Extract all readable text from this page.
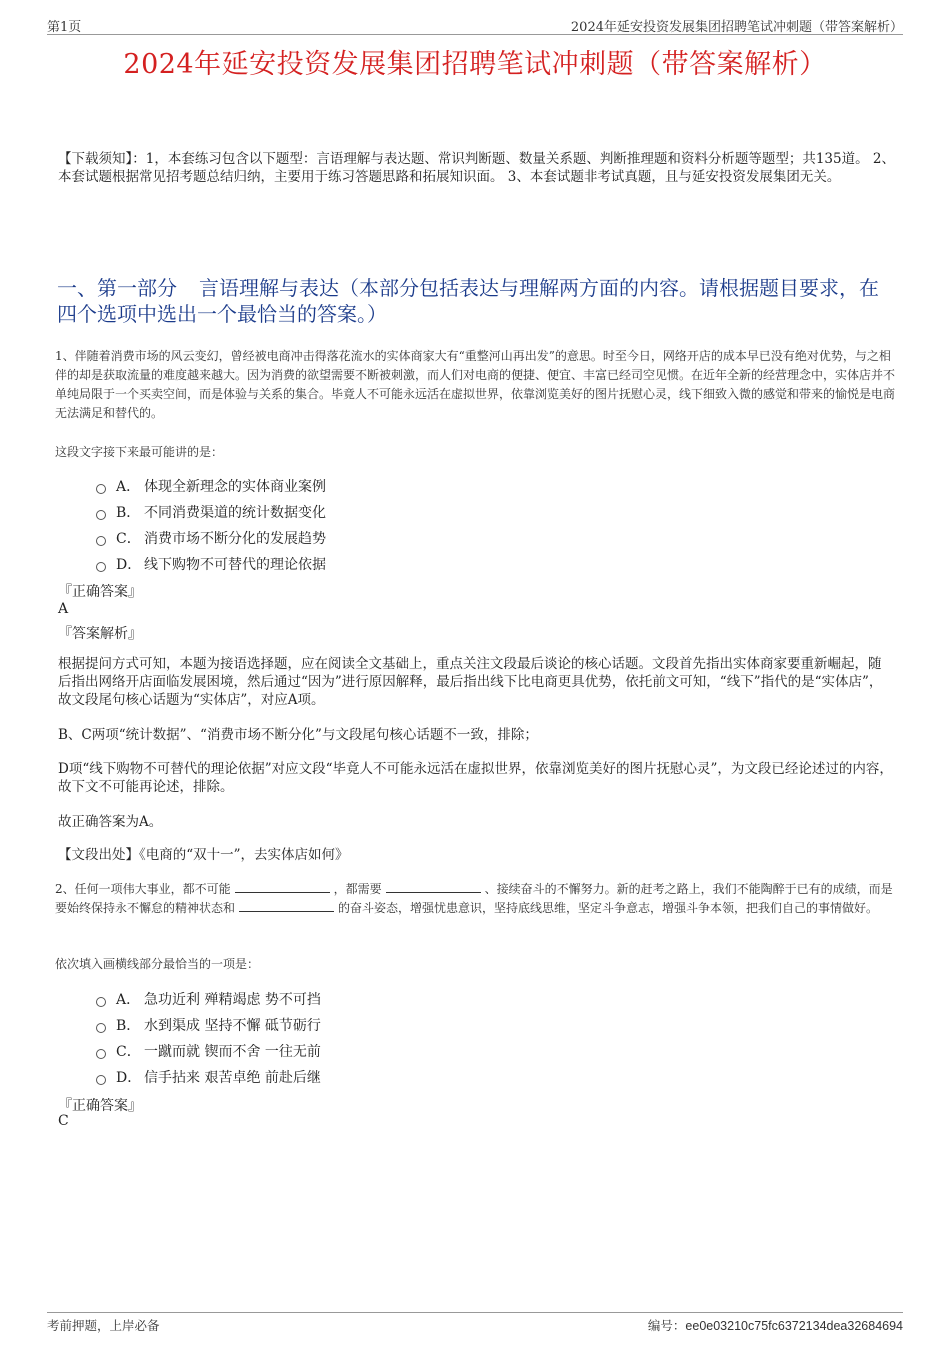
第1页	2024年延安投资发展集团招聘笔试冲刺题（带答案解析）
2024年延安投资发展集团招聘笔试冲刺题（带答案解析）
【下载须知】：1，本套练习包含以下题型：言语理解与表达题、常识判断题、数量关系题、判断推理题和资料分析题等题型；共135道。 2、本套试题根据常见招考题总结归纳，主要用于练习答题思路和拓展知识面。 3、本套试题非考试真题，且与延安投资发展集团无关。
一、第一部分 言语理解与表达（本部分包括表达与理解两方面的内容。请根据题目要求，在四个选项中选出一个最恰当的答案。）
1、伴随着消费市场的风云变幻，曾经被电商冲击得落花流水的实体商家大有“重整河山再出发”的意思。时至今日，网络开店的成本早已没有绝对优势，与之相伴的却是获取流量的难度越来越大。因为消费的欲望需要不断被刺激，而人们对电商的便捷、便宜、丰富已经司空见惯。在近年全新的经营理念中，实体店并不单纯局限于一个买卖空间，而是体验与关系的集合。毕竟人不可能永远活在虚拟世界，依靠浏览美好的图片抚慰心灵，线下细致入微的感觉和带来的愉悦是电商无法满足和替代的。
这段文字接下来最可能讲的是：
A． 体现全新理念的实体商业案例
B． 不同消费渠道的统计数据变化
C． 消费市场不断分化的发展趋势
D． 线下购物不可替代的理论依据
『正确答案』
A
『答案解析』
根据提问方式可知，本题为接语选择题，应在阅读全文基础上，重点关注文段最后谈论的核心话题。文段首先指出实体商家要重新崛起，随后指出网络开店面临发展困境，然后通过“因为”进行原因解释，最后指出线下比电商更具优势，依托前文可知，“线下”指代的是“实体店”，故文段尾句核心话题为“实体店”，对应A项。
B、C两项“统计数据”、“消费市场不断分化”与文段尾句核心话题不一致，排除；
D项“线下购物不可替代的理论依据”对应文段“毕竟人不可能永远活在虚拟世界，依靠浏览美好的图片抚慰心灵”，为文段已经论述过的内容，故下文不可能再论述，排除。
故正确答案为A。
【文段出处】《电商的“双十一”，去实体店如何》
2、任何一项伟大事业，都不可能	，都需要	、接续奋斗的不懈努力。新的赶考之路上，我们不能陶醉于已有的成绩，而是要始终保持永不懈怠的精神状态和	的奋斗姿态，增强忧患意识，坚持底线思维，坚定斗争意志，增强斗争本领，把我们自己的事情做好。
依次填入画横线部分最恰当的一项是：
A． 急功近利 殚精竭虑 势不可挡
B． 水到渠成 坚持不懈 砥节砺行
C． 一蹴而就 锲而不舍 一往无前
D． 信手拈来 艰苦卓绝 前赴后继
『正确答案』
C
考前押题，上岸必备	编号：ee0e03210c75fc6372134dea32684694
